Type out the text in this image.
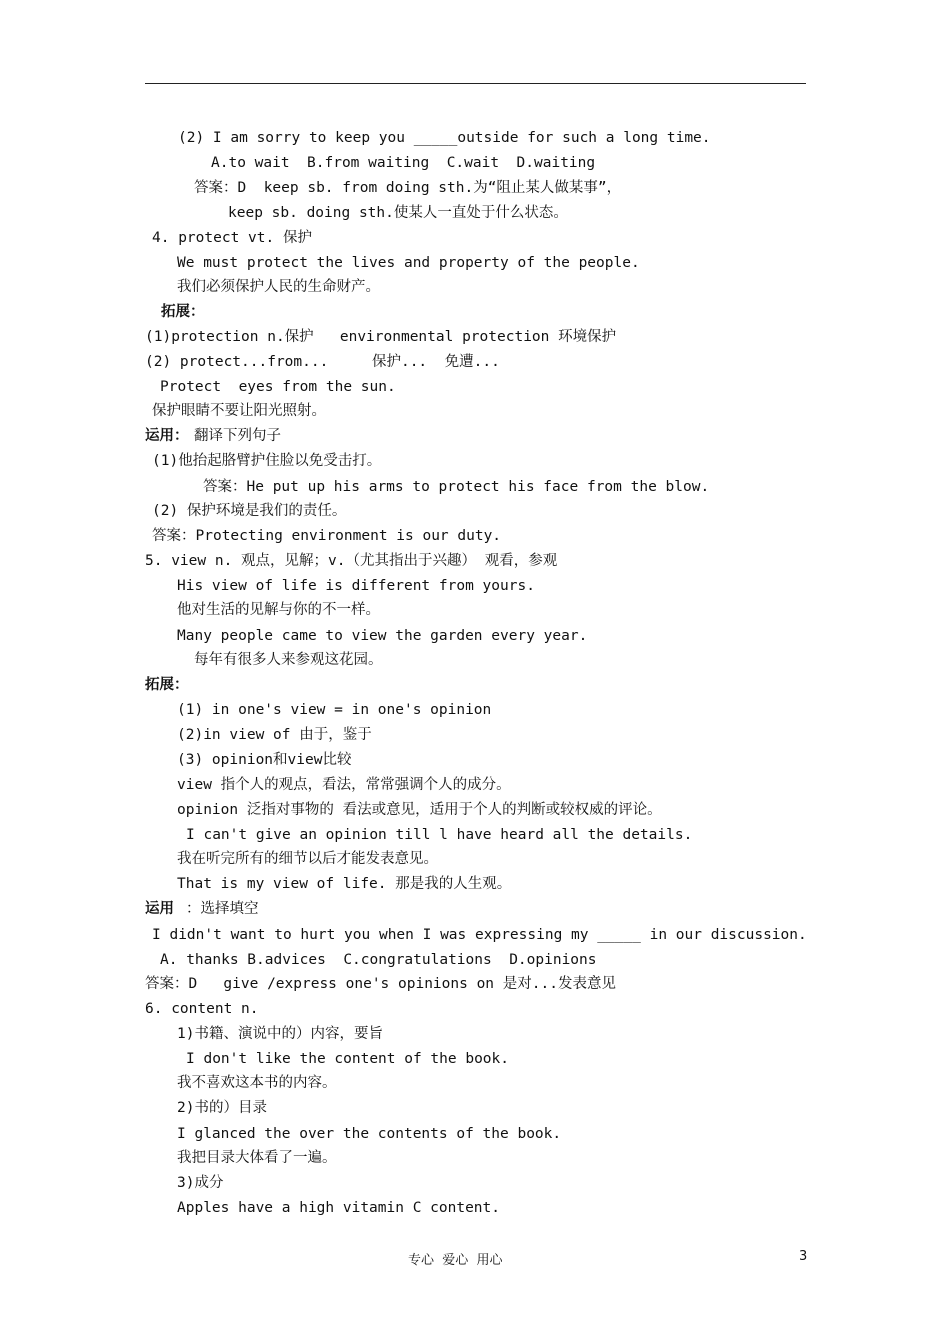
(2) I am sorry to keep you _____outside for such a long time.
A.to wait  B.from waiting  C.wait  D.waiting
答案：D  keep sb. from doing sth.为“阻止某人做某事”，
keep sb. doing sth.使某人一直处于什么状态。
4. protect vt. 保护
We must protect the lives and property of the people.
我们必须保护人民的生命财产。
拓展：
(1)protection n.保护   environmental protection 环境保护
(2) protect...from...     保护...  免遭...
Protect  eyes from the sun.
保护眼睛不要让阳光照射。
运用： 翻译下列句子
(1)他抬起胳臂护住脸以免受击打。
答案：He put up his arms to protect his face from the blow.
(2) 保护环境是我们的责任。
答案：Protecting environment is our duty.
5. view n. 观点，见解；v.（尤其指出于兴趣） 观看，参观
His view of life is different from yours.
他对生活的见解与你的不一样。
Many people came to view the garden every year.
每年有很多人来参观这花园。
拓展：
(1) in one's view = in one's opinion
(2)in view of 由于，鉴于
(3) opinion和view比较
view 指个人的观点，看法，常常强调个人的成分。
opinion 泛指对事物的 看法或意见，适用于个人的判断或较权威的评论。
I can't give an opinion till l have heard all the details.
我在听完所有的细节以后才能发表意见。
That is my view of life. 那是我的人生观。
运用 ：选择填空
I didn't want to hurt you when I was expressing my _____ in our discussion.
A. thanks B.advices  C.congratulations  D.opinions
答案：D   give /express one's opinions on 是对...发表意见
6. content n.
1)书籍、演说中的）内容，要旨
I don't like the content of the book.
我不喜欢这本书的内容。
2)书的）目录
I glanced the over the contents of the book.
我把目录大体看了一遍。
3)成分
Apples have a high vitamin C content.
专心  爱心  用心	3
